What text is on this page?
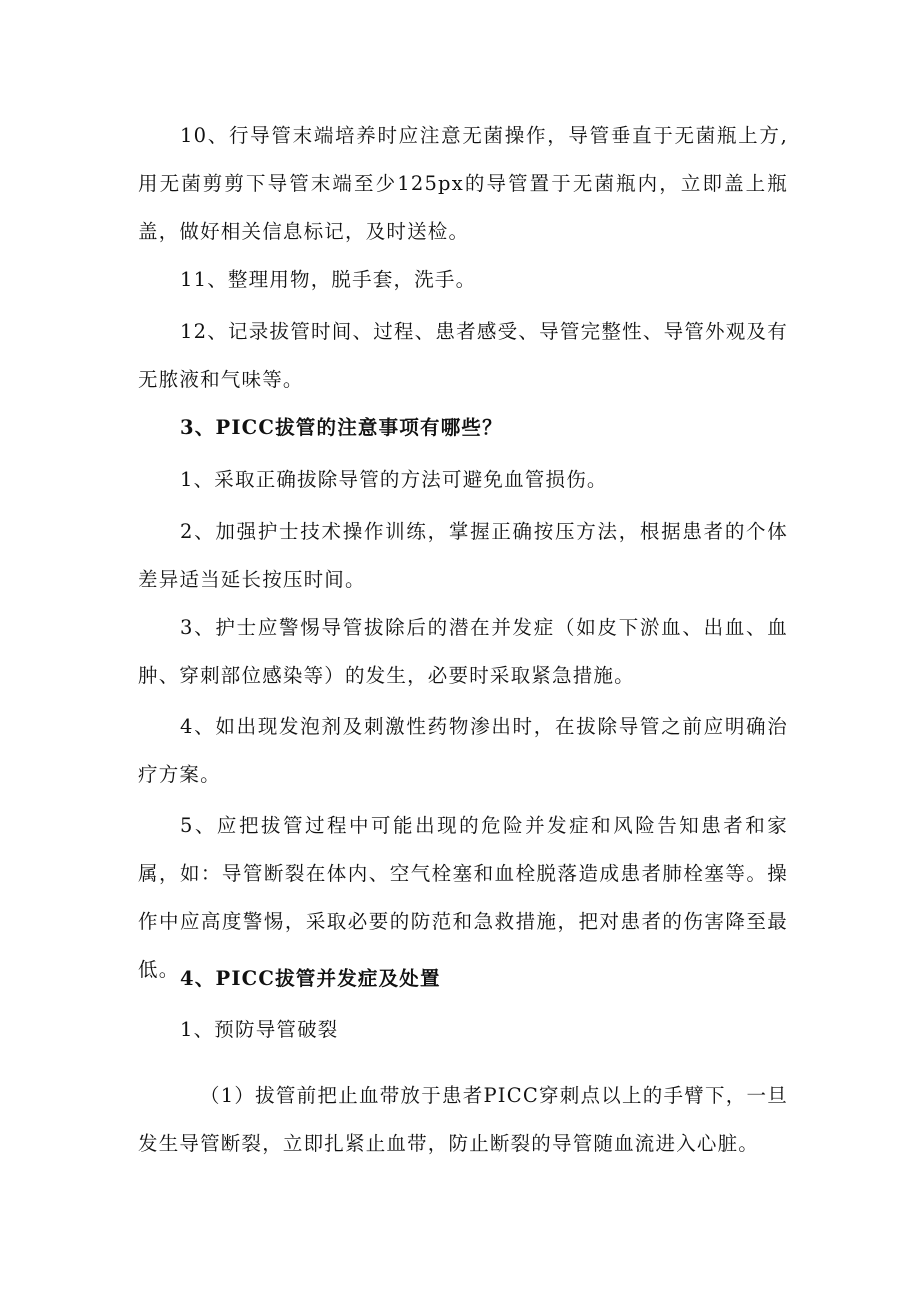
10、行导管末端培养时应注意无菌操作，导管垂直于无菌瓶上方,用无菌剪剪下导管末端至少125px的导管置于无菌瓶内，立即盖上瓶盖，做好相关信息标记，及时送检。

11、整理用物，脱手套，洗手。

12、记录拔管时间、过程、患者感受、导管完整性、导管外观及有无脓液和气味等。

3、PICC拔管的注意事项有哪些？

1、采取正确拔除导管的方法可避免血管损伤。

2、加强护士技术操作训练，掌握正确按压方法，根据患者的个体差异适当延长按压时间。

3、护士应警惕导管拔除后的潜在并发症（如皮下淤血、出血、血肿、穿刺部位感染等）的发生，必要时采取紧急措施。

4、如出现发泡剂及刺激性药物渗出时，在拔除导管之前应明确治疗方案。

5、应把拔管过程中可能出现的危险并发症和风险告知患者和家属，如：导管断裂在体内、空气栓塞和血栓脱落造成患者肺栓塞等。操作中应高度警惕，采取必要的防范和急救措施，把对患者的伤害降至最低。 4、PICC拔管并发症及处置

1、预防导管破裂

（1）拔管前把止血带放于患者PICC穿刺点以上的手臂下，一旦发生导管断裂，立即扎紧止血带，防止断裂的导管随血流进入心脏。
